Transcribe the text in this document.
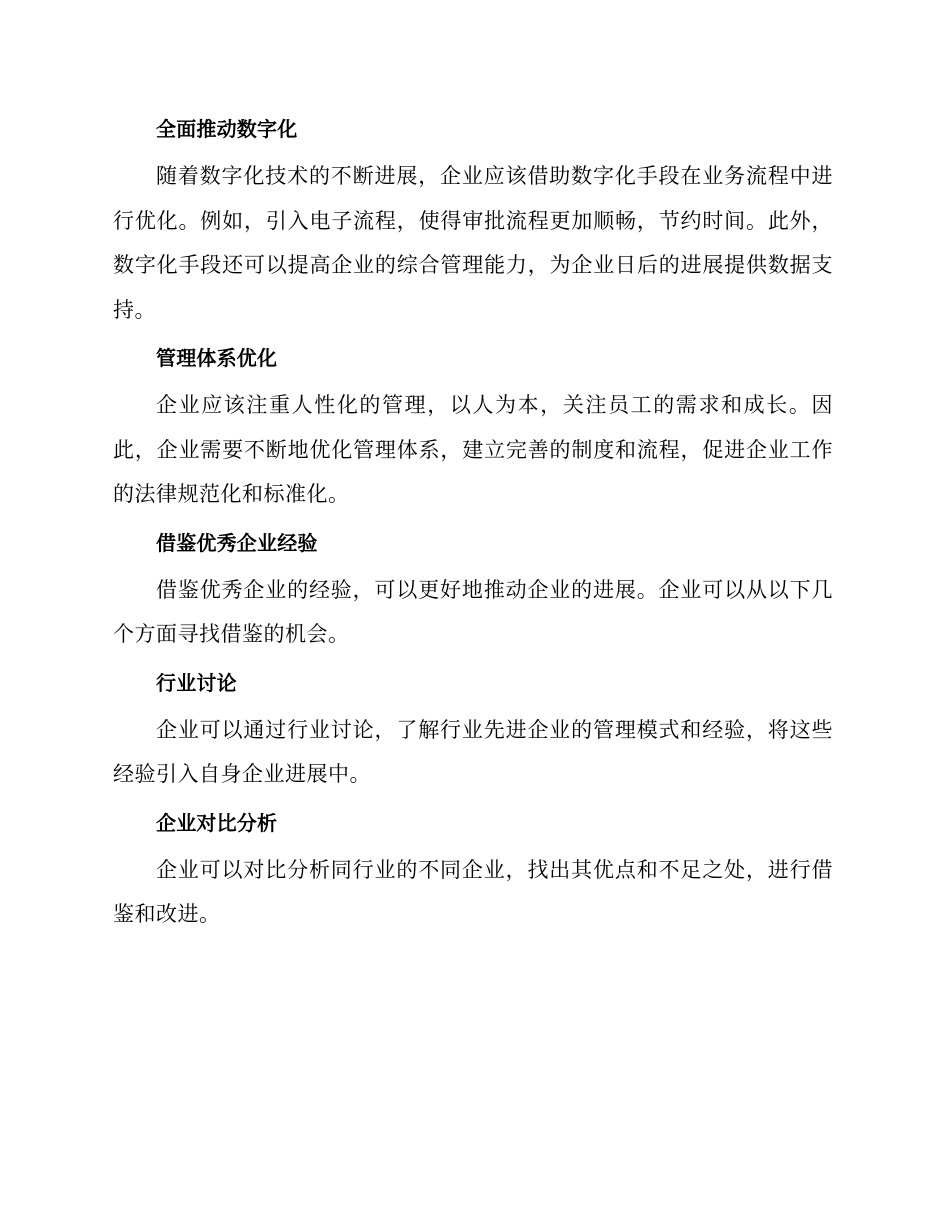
全面推动数字化

随着数字化技术的不断进展，企业应该借助数字化手段在业务流程中进行优化。例如，引入电子流程，使得审批流程更加顺畅，节约时间。此外，数字化手段还可以提高企业的综合管理能力，为企业日后的进展提供数据支持。

管理体系优化

企业应该注重人性化的管理，以人为本，关注员工的需求和成长。因此，企业需要不断地优化管理体系，建立完善的制度和流程，促进企业工作的法律规范化和标准化。

借鉴优秀企业经验

借鉴优秀企业的经验，可以更好地推动企业的进展。企业可以从以下几个方面寻找借鉴的机会。

行业讨论

企业可以通过行业讨论，了解行业先进企业的管理模式和经验，将这些经验引入自身企业进展中。

企业对比分析

企业可以对比分析同行业的不同企业，找出其优点和不足之处，进行借鉴和改进。
